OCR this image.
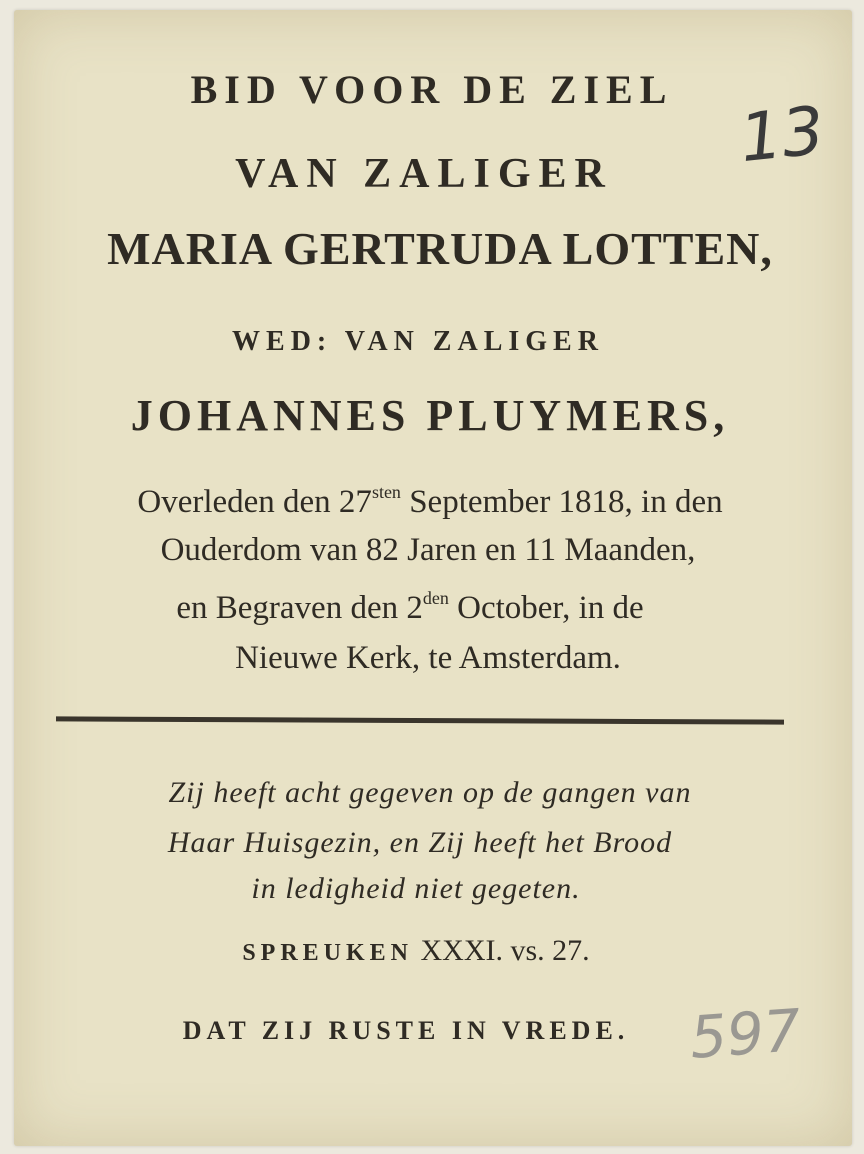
BID VOOR DE ZIEL
VAN ZALIGER
MARIA GERTRUDA LOTTEN,
WED: VAN ZALIGER
JOHANNES PLUYMERS,
Overleden den $27^{sten}$ September 1818, in den
Ouderdom van 82 Jaren en 11 Maanden,
en Begraven den $2^{den}$ October, in de
Nieuwe Kerk, te Amsterdam.
Zij heeft acht gegeven op de gangen van
Haar Huisgezin, en Zij heeft het Brood
in ledigheid niet gegeten.
SPREUKEN XXXI. vs. 27.
DAT ZIJ RUSTE IN VREDE.
13
597
